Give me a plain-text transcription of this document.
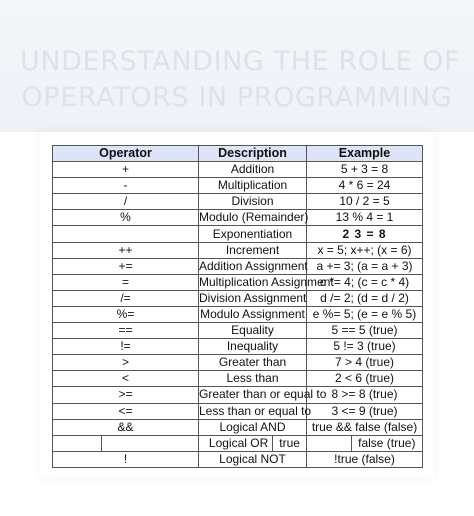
UNDERSTANDING THE ROLE OF
OPERATORS IN PROGRAMMING
Operator	Description	Example
+	Addition	5 + 3 = 8
-	Multiplication	4 * 6 = 24
/	Division	10 / 2 = 5
%	Modulo (Remainder)	13 % 4 = 1
	Exponentiation	2 3 = 8
++	Increment	x = 5; x++; (x = 6)
+=	Addition Assignment	a += 3; (a = a + 3)
=	Multiplication Assignment	c *= 4; (c = c * 4)
/=	Division Assignment	d /= 2; (d = d / 2)
%=	Modulo Assignment	e %= 5; (e = e % 5)
==	Equality	5 == 5 (true)
!=	Inequality	5 != 3 (true)
>	Greater than	7 > 4 (true)
<	Less than	2 < 6 (true)
>=	Greater than or equal to	8 >= 8 (true)
<=	Less than or equal to	3 <= 9 (true)
&&	Logical AND	true && false (false)

	Logical OR true	false (true)

!	Logical NOT	!true (false)
